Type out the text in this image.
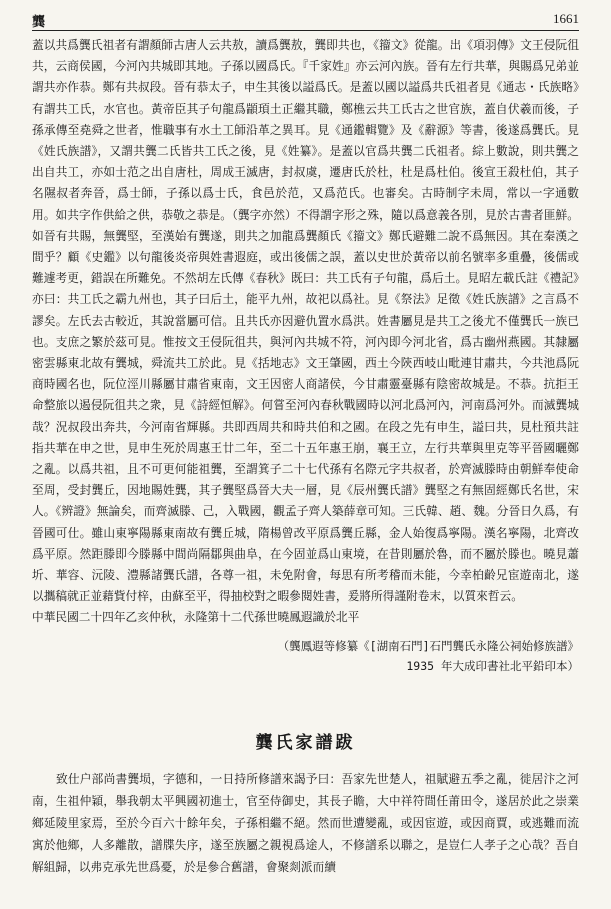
龔	1661

蓋以共爲龔氏祖者有謂顏師古唐人云共敖，讀爲龔敖，龔即共也，《籀文》從龍。出《項羽傳》文王侵阮徂共，云商侯國，今河內共城即其地。子孫以國爲氏。『千家姓』亦云河內族。晉有左行共華，與賜爲兄弟並謂共亦作恭。鄭有共叔段。晉有恭太子，申生其後以謚爲氏。是蓋以國以謚爲共氏祖者見《通志・氏族略》有謂共工氏，水官也。黃帝臣其子句龍爲顓頊土正繼其職，鄭樵云共工氏古之世官族，蓋自伏羲而後，子孫承傳至堯舜之世者，惟職事有水土工師沿革之異耳。見《通鑑輯覽》及《辭源》等書，後遂爲龔氏。見《姓氏族譜》，又謂共龔二氏皆共工氏之後，見《姓纂》。是蓋以官爲共龔二氏祖者。綜上數說，則共龔之出自共工，亦如士范之出自唐杜，周成王滅唐，封叔虞，遷唐氏於杜，杜是爲杜伯。後宣王殺杜伯，其子名隰叔者奔晉，爲士師，子孫以爲士氏，食邑於范，又爲范氏。也審矣。古時制字未周，常以一字通數用。如共字作供給之供，恭敬之恭是。（龔字亦然）不得謂字形之殊，隨以爲意義各別，見於古書者匪鮮。如晉有共賜，無龔堅，至漢始有龔遂，則共之加龍爲龔顏氏《籀文》鄭氏避難二說不爲無因。其在秦漢之間乎？顧《史鑑》以句龍後炎帝與姓書遐庭，或出後儒之誤，蓋以史世於黃帝以前名號率多重疊，後儒或難遽考更，錯誤在所難免。不然胡左氏傳《春秋》既曰：共工氏有子句龍，爲后土。見昭左載氏註《禮記》亦曰：共工氏之霸九州也，其子曰后土，能平九州，故祀以爲社。見《祭法》足徵《姓氏族譜》之言爲不謬矣。左氏去古較近，其說當屬可信。且共氏亦因避仇置水爲洪。姓書屬見是共工之後尤不僅龔氏一族已也。支庶之繁於茲可見。惟按文王侵阮徂共，與河內共城不符，河內即今河北省，爲古幽州燕國。其隸屬密雲縣東北故有龔城，舜流共工於此。見《括地志》文王肇國，西土今陝西岐山毗連甘肅共，今共池爲阮商時國名也，阮位涇川縣屬甘肅省東南，文王因密人商諸侯，今甘肅靈臺縣有陰密故城是。不恭。抗拒王命整旅以遏侵阮徂共之衆，見《詩經恒解》。何嘗至河內春秋戰國時以河北爲河內，河南爲河外。而滅龔城哉？況叔段出奔共，今河南省輝縣。共即西周共和時共伯和之國。在段之先有申生，謚曰共，見杜預共註指共華在申之世，見申生死於周惠王廿二年，至二十五年惠王崩，襄王立，左行共華與里克等平晉國曬鄭之亂。以爲共祖，且不可更何能祖龔，至謂箕子二十七代孫有名際元字共叔者，於齊滅滕時由朝鮮奉使命至周，受封龔丘，因地賜姓龔，其子龔堅爲晉大夫一層，見《辰州龔氏譜》龔堅之有無固經鄭氏名世，宋人。《辨證》無論矣，而齊滅滕、己，入戰國，觀孟子齊人築薛章可知。三氏韓、趙、魏。分晉日久爲，有晉國可仕。雖山東寧陽縣東南故有龔丘城，隋楊曾改平原爲龔丘縣，金人始復爲寧陽。漢名寧陽，北齊改爲平原。然距滕即今滕縣中間尚隔鄒與曲阜，在今固並爲山東境，在昔則屬於魯，而不屬於滕也。曉見蕭圻、華容、沅陵、澧縣諸龔氏譜，各尊一祖，未免附會，每思有所考稽而未能，今幸柏齡兄宦遊南北，遂以攜稿就正並藉貲付梓，由蘇至平，得抽校對之暇參閱姓書，爰將所得謹附卷末，以質來哲云。

中華民國二十四年乙亥仲秋，永隆第十二代孫世曉鳳遐識於北平

（龔鳳遐等修纂《[湖南石門]石門龔氏永隆公祠始修族譜》
1935 年大成印書社北平鉛印本）
龔氏家譜跋
致仕户部尚書龔埙，字德和，一日持所修譜來謁予曰：吾家先世楚人，祖賦避五季之亂，徙居汴之河南，生祖仲穎，舉我朝太平興國初進士，官至侍御史，其長子瞻，大中祥符間任莆田令，遂居於此之崇業鄉延陵里家焉，至於今百六十餘年矣，子孫相繼不絕。然而世遭變亂，或因宦遊，或因商賈，或逃難而流寓於他鄉，人多離散，譜牒失序，遂至族屬之親視爲途人，不修譜系以聯之，是豈仁人孝子之心哉？吾自解組歸，以弗克承先世爲憂，於是參合舊譜，會聚剡派而續
